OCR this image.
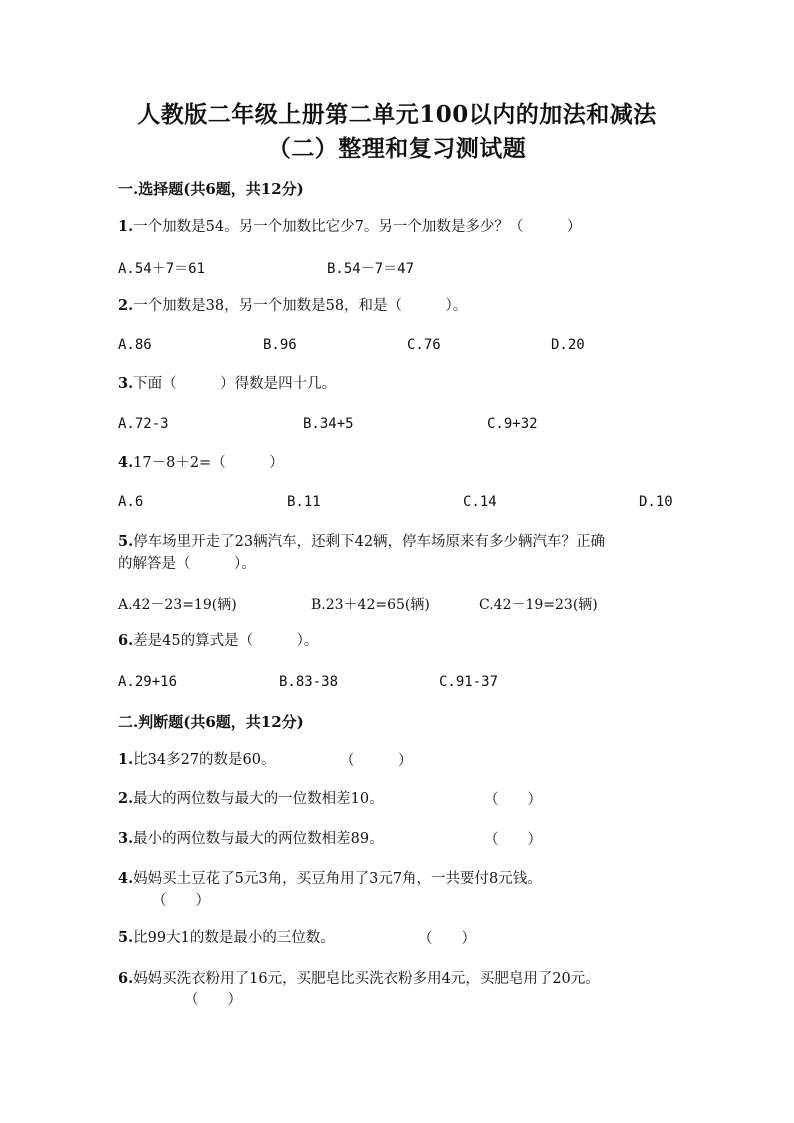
人教版二年级上册第二单元100以内的加法和减法
（二）整理和复习测试题
一.选择题(共6题，共12分)
1.一个加数是54。另一个加数比它少7。另一个加数是多少？（　　　）
A.54＋7＝61	B.54－7＝47
2.一个加数是38，另一个加数是58，和是（　　　）。
A.86	B.96	C.76	D.20
3.下面（　　　）得数是四十几。
A.72-3	B.34+5	C.9+32
4.17－8＋2=（　　　）
A.6	B.11	C.14	D.10
5.停车场里开走了23辆汽车，还剩下42辆，停车场原来有多少辆汽车？正确
的解答是（　　　）。
A.42－23=19(辆)	B.23＋42=65(辆)	C.42－19=23(辆)
6.差是45的算式是（　　　）。
A.29+16	B.83-38	C.91-37
二.判断题(共6题，共12分)
1.比34多27的数是60。	（　　　）
2.最大的两位数与最大的一位数相差10。	（　　）
3.最小的两位数与最大的两位数相差89。	（　　）
4.妈妈买土豆花了5元3角，买豆角用了3元7角，一共要付8元钱。
（　　）
5.比99大1的数是最小的三位数。	（　　）
6.妈妈买洗衣粉用了16元，买肥皂比买洗衣粉多用4元，买肥皂用了20元。
（　　）
